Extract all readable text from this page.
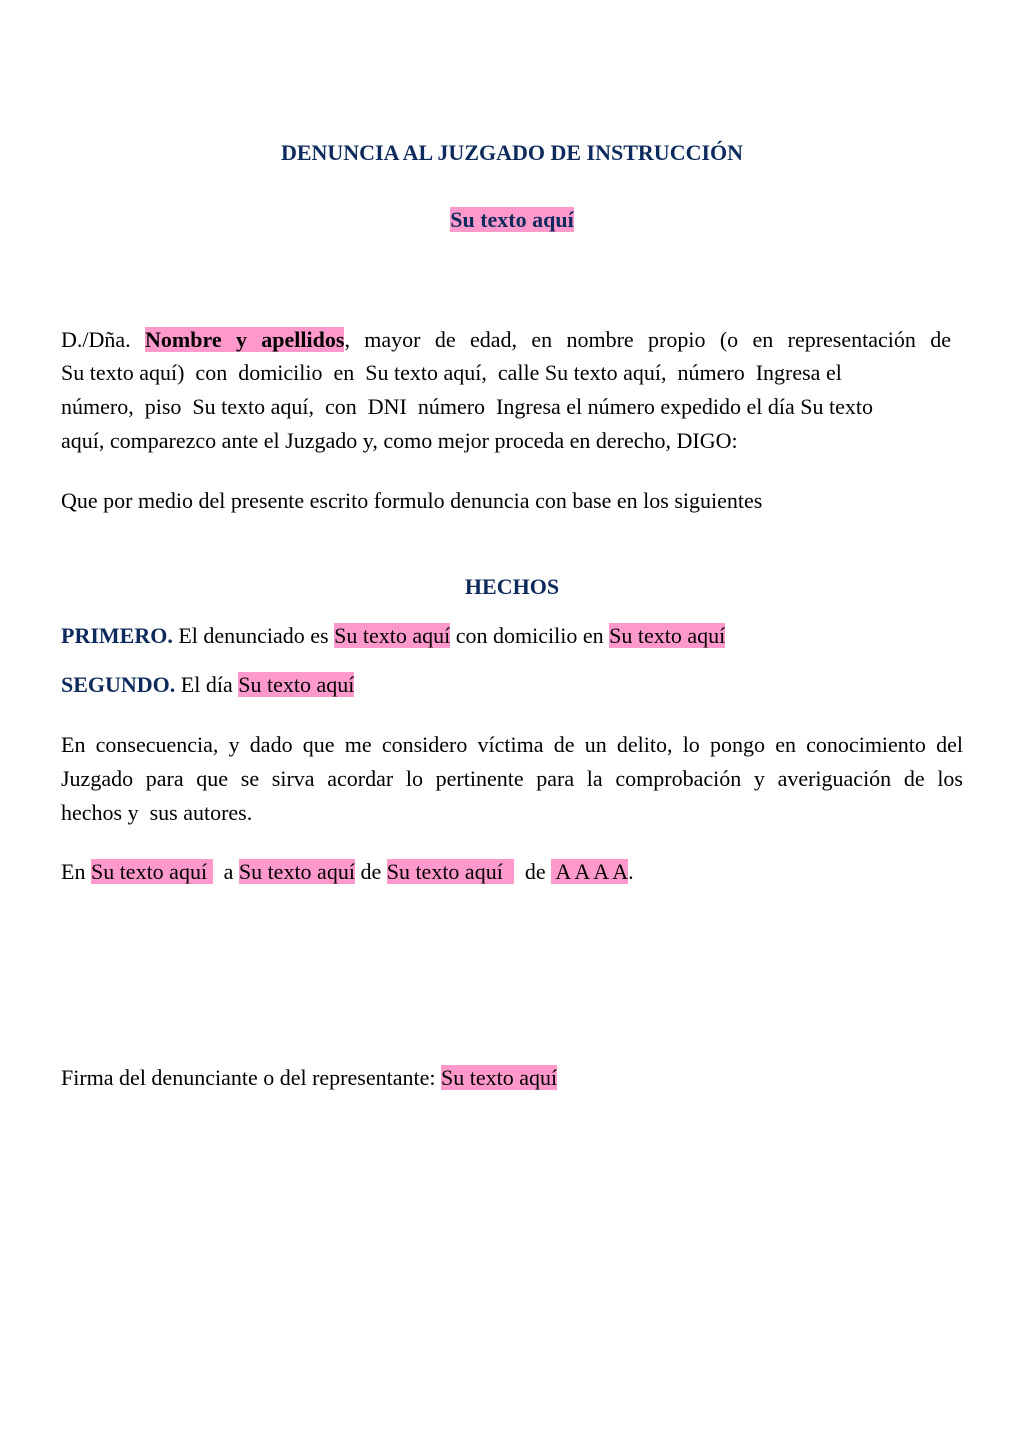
DENUNCIA AL JUZGADO DE INSTRUCCIÓN
Su texto aquí
D./Dña. Nombre y apellidos, mayor de edad, en nombre propio (o en representación de
Su texto aquí)  con  domicilio  en  Su texto aquí,  calle Su texto aquí,  número  Ingresa el
número,  piso  Su texto aquí,  con  DNI  número  Ingresa el número expedido el día Su texto
aquí, comparezco ante el Juzgado y, como mejor proceda en derecho, DIGO:
Que por medio del presente escrito formulo denuncia con base en los siguientes
HECHOS
PRIMERO. El denunciado es Su texto aquí con domicilio en Su texto aquí
SEGUNDO. El día Su texto aquí
En consecuencia, y dado que me considero víctima de un delito, lo pongo en conocimiento del
Juzgado para que se sirva acordar lo pertinente para la comprobación y averiguación de los
hechos y  sus autores.
En Su texto aquí   a Su texto aquí de Su texto aquí    de  A A A A.
Firma del denunciante o del representante: Su texto aquí
